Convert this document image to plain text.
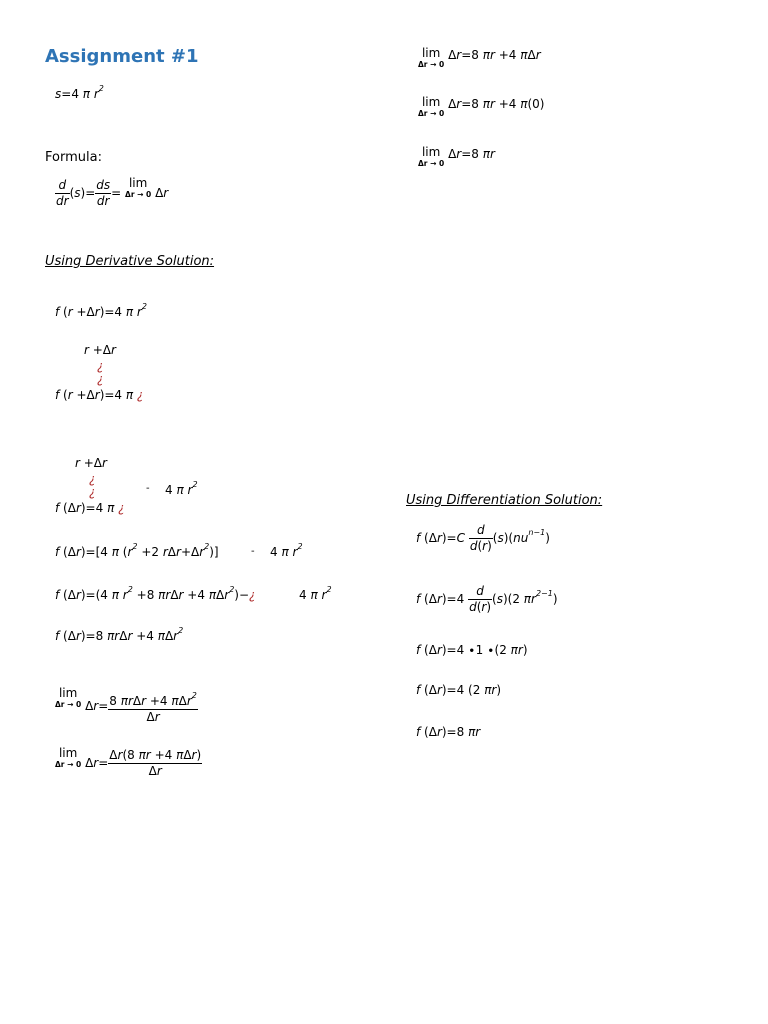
Assignment #1
s=4 π $r^2$
Formula:
$\frac{d}{dr} (s)= \frac{ds}{dr} = \lim$
Δr → 0 Δr
Using Derivative Solution:
f (r +Δr)=4 π $r^2$
r +Δr
¿
¿
f (r +Δr)=4 π ¿
r +Δr
¿
¿	- 4 π $r^2$
f (Δr)=4 π ¿
f (Δr)=[4 π ($r^2 +2$ $r\Delta r+\Delta r^2$)]	- 4 π $r^2$
f (Δr)=(4 π $r^2 +8$ πrΔr +4 πΔr$^2$)−¿	4 π $r^2$
f (Δr)=8 πrΔr +4 πΔr$^2$
lim
Δr → 0 $\Delta r= \frac{8 \pi r\Delta r +4 \pi\Delta r^2}{\Delta r}$
lim
Δr → 0 $\Delta r= \frac{\text{Δr(8 πr +4 πΔr)}}{\Delta r}$
lim
Δr → 0
Δr=8 πr +4 πΔr
lim
Δr → 0
Δr=8 πr +4 π(0)
lim
Δr → 0
Δr=8 πr
Using Differentiation Solution:
f $(\Delta r)=C \frac{d}{d(r)} (s)(nu^{n-1})$
f $(\Delta r)=4 \frac{d}{d(r)} (s)(2$ $\pi r^{2-1}$)
f (Δr)=4 ∙1 ∙(2 πr)
f (Δr)=4 (2 πr)
f (Δr)=8 πr
